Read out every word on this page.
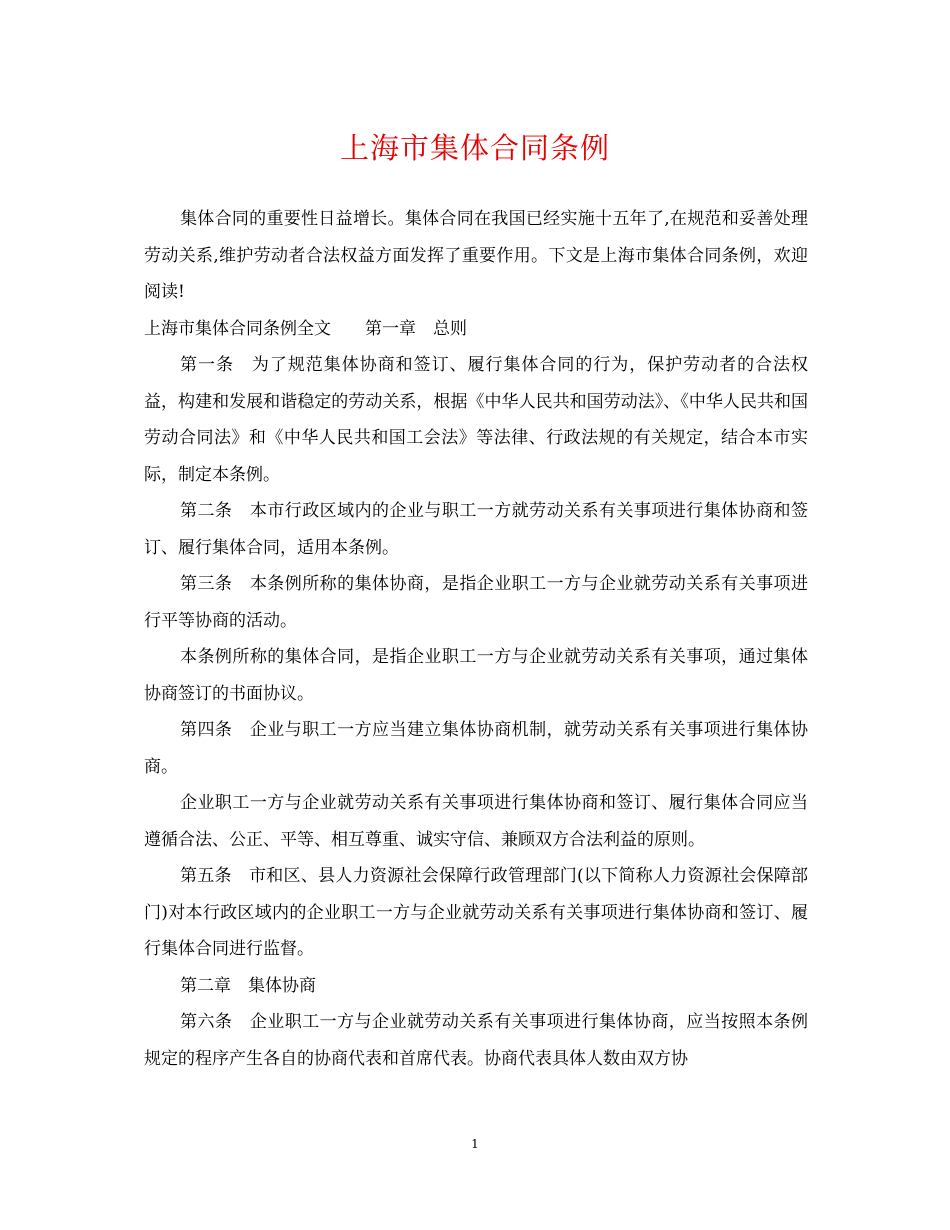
上海市集体合同条例

集体合同的重要性日益增长。集体合同在我国已经实施十五年了,在规范和妥善处理劳动关系,维护劳动者合法权益方面发挥了重要作用。下文是上海市集体合同条例，欢迎阅读!

上海市集体合同条例全文　　第一章　总则

第一条　为了规范集体协商和签订、履行集体合同的行为，保护劳动者的合法权益，构建和发展和谐稳定的劳动关系，根据《中华人民共和国劳动法》、《中华人民共和国劳动合同法》和《中华人民共和国工会法》等法律、行政法规的有关规定，结合本市实际，制定本条例。

第二条　本市行政区域内的企业与职工一方就劳动关系有关事项进行集体协商和签订、履行集体合同，适用本条例。

第三条　本条例所称的集体协商，是指企业职工一方与企业就劳动关系有关事项进行平等协商的活动。

本条例所称的集体合同，是指企业职工一方与企业就劳动关系有关事项，通过集体协商签订的书面协议。

第四条　企业与职工一方应当建立集体协商机制，就劳动关系有关事项进行集体协商。

企业职工一方与企业就劳动关系有关事项进行集体协商和签订、履行集体合同应当遵循合法、公正、平等、相互尊重、诚实守信、兼顾双方合法利益的原则。

第五条　市和区、县人力资源社会保障行政管理部门(以下简称人力资源社会保障部门)对本行政区域内的企业职工一方与企业就劳动关系有关事项进行集体协商和签订、履行集体合同进行监督。

第二章　集体协商

第六条　企业职工一方与企业就劳动关系有关事项进行集体协商，应当按照本条例规定的程序产生各自的协商代表和首席代表。协商代表具体人数由双方协

1
